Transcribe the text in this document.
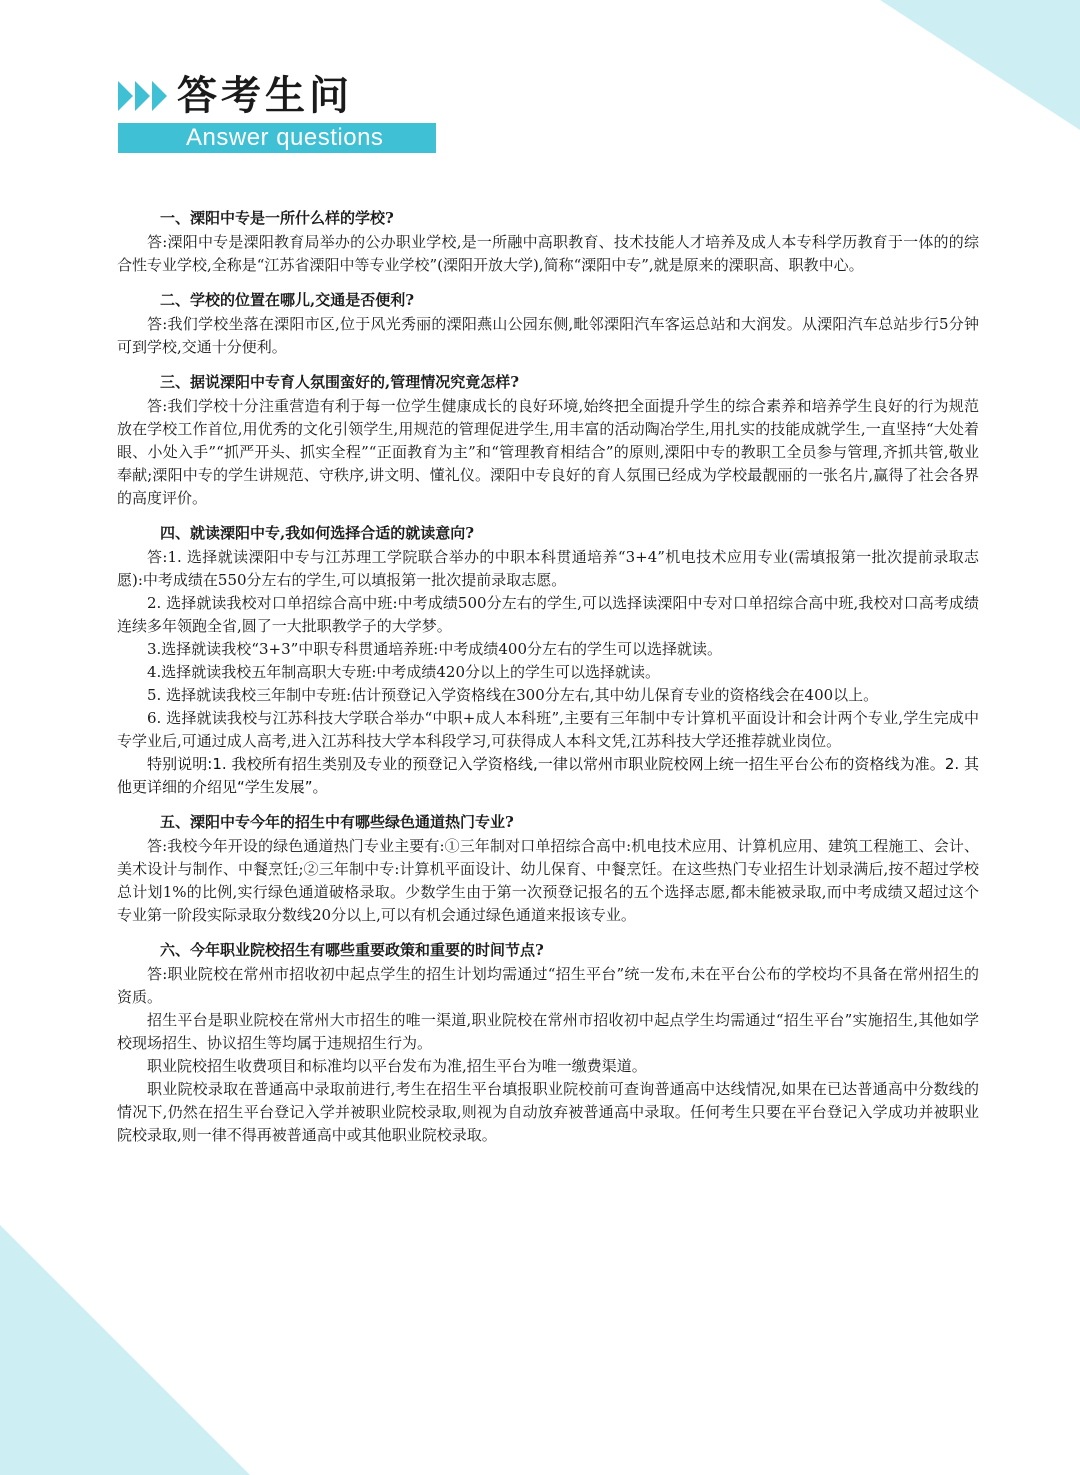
答考生问
Answer questions

一、溧阳中专是一所什么样的学校?

答:溧阳中专是溧阳教育局举办的公办职业学校,是一所融中高职教育、技术技能人才培养及成人本专科学历教育于一体的的综合性专业学校,全称是“江苏省溧阳中等专业学校”(溧阳开放大学),简称“溧阳中专”,就是原来的溧职高、职教中心。

二、学校的位置在哪儿,交通是否便利?

答:我们学校坐落在溧阳市区,位于风光秀丽的溧阳燕山公园东侧,毗邻溧阳汽车客运总站和大润发。从溧阳汽车总站步行5分钟可到学校,交通十分便利。

三、据说溧阳中专育人氛围蛮好的,管理情况究竟怎样?

答:我们学校十分注重营造有利于每一位学生健康成长的良好环境,始终把全面提升学生的综合素养和培养学生良好的行为规范放在学校工作首位,用优秀的文化引领学生,用规范的管理促进学生,用丰富的活动陶冶学生,用扎实的技能成就学生,一直坚持“大处着眼、小处入手”“抓严开头、抓实全程”“正面教育为主”和“管理教育相结合”的原则,溧阳中专的教职工全员参与管理,齐抓共管,敬业奉献;溧阳中专的学生讲规范、守秩序,讲文明、懂礼仪。溧阳中专良好的育人氛围已经成为学校最靓丽的一张名片,赢得了社会各界的高度评价。

四、就读溧阳中专,我如何选择合适的就读意向?

答:1. 选择就读溧阳中专与江苏理工学院联合举办的中职本科贯通培养“3+4”机电技术应用专业(需填报第一批次提前录取志愿):中考成绩在550分左右的学生,可以填报第一批次提前录取志愿。

2. 选择就读我校对口单招综合高中班:中考成绩500分左右的学生,可以选择读溧阳中专对口单招综合高中班,我校对口高考成绩连续多年领跑全省,圆了一大批职教学子的大学梦。

3.选择就读我校“3+3”中职专科贯通培养班:中考成绩400分左右的学生可以选择就读。

4.选择就读我校五年制高职大专班:中考成绩420分以上的学生可以选择就读。

5. 选择就读我校三年制中专班:估计预登记入学资格线在300分左右,其中幼儿保育专业的资格线会在400以上。

6. 选择就读我校与江苏科技大学联合举办“中职+成人本科班”,主要有三年制中专计算机平面设计和会计两个专业,学生完成中专学业后,可通过成人高考,进入江苏科技大学本科段学习,可获得成人本科文凭,江苏科技大学还推荐就业岗位。

特别说明:1. 我校所有招生类别及专业的预登记入学资格线,一律以常州市职业院校网上统一招生平台公布的资格线为准。2. 其他更详细的介绍见“学生发展”。

五、溧阳中专今年的招生中有哪些绿色通道热门专业?

答:我校今年开设的绿色通道热门专业主要有:①三年制对口单招综合高中:机电技术应用、计算机应用、建筑工程施工、会计、美术设计与制作、中餐烹饪;②三年制中专:计算机平面设计、幼儿保育、中餐烹饪。在这些热门专业招生计划录满后,按不超过学校总计划1%的比例,实行绿色通道破格录取。少数学生由于第一次预登记报名的五个选择志愿,都未能被录取,而中考成绩又超过这个专业第一阶段实际录取分数线20分以上,可以有机会通过绿色通道来报该专业。

六、今年职业院校招生有哪些重要政策和重要的时间节点?

答:职业院校在常州市招收初中起点学生的招生计划均需通过“招生平台”统一发布,未在平台公布的学校均不具备在常州招生的资质。

招生平台是职业院校在常州大市招生的唯一渠道,职业院校在常州市招收初中起点学生均需通过“招生平台”实施招生,其他如学校现场招生、协议招生等均属于违规招生行为。

职业院校招生收费项目和标准均以平台发布为准,招生平台为唯一缴费渠道。

职业院校录取在普通高中录取前进行,考生在招生平台填报职业院校前可查询普通高中达线情况,如果在已达普通高中分数线的情况下,仍然在招生平台登记入学并被职业院校录取,则视为自动放弃被普通高中录取。任何考生只要在平台登记入学成功并被职业院校录取,则一律不得再被普通高中或其他职业院校录取。
